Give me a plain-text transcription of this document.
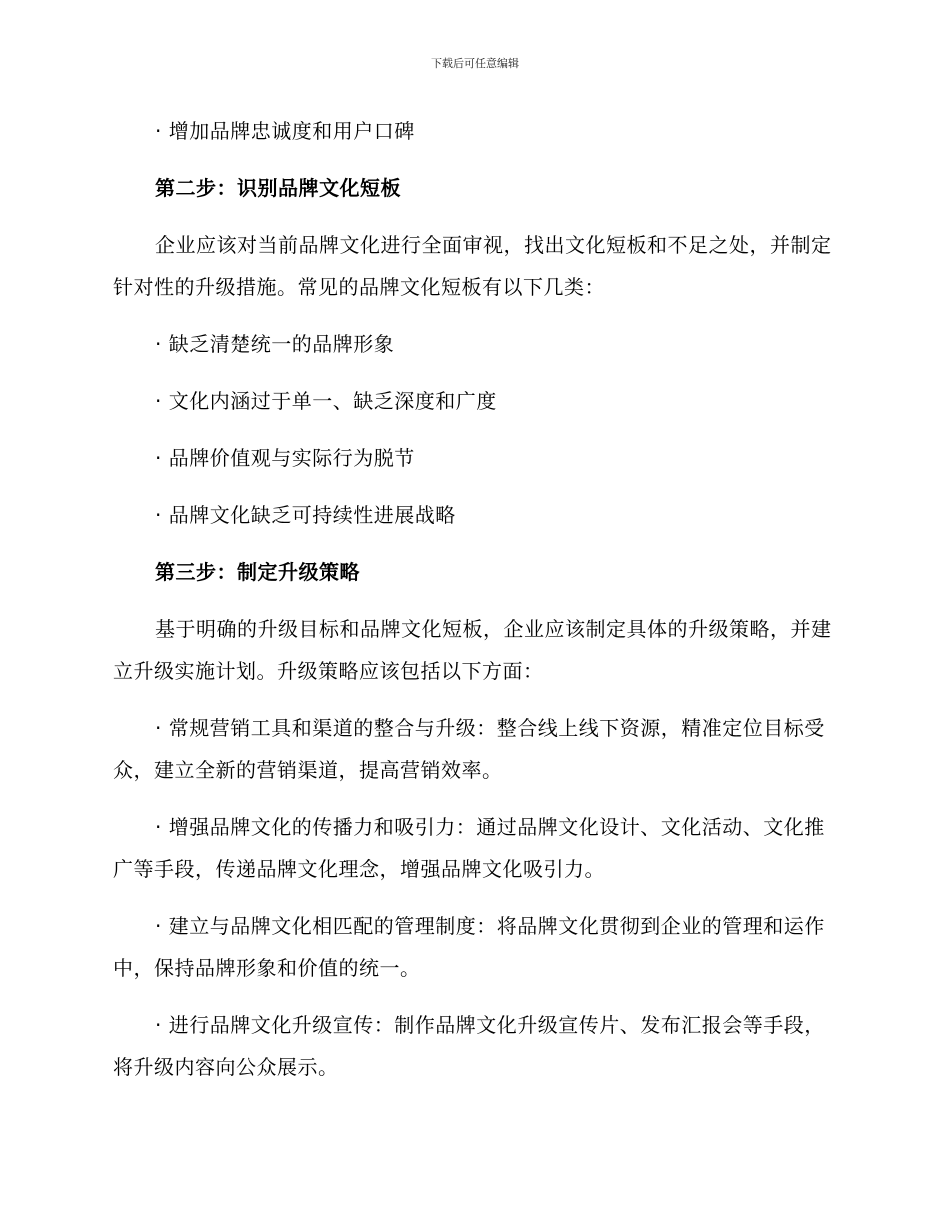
下载后可任意编辑

· 增加品牌忠诚度和用户口碑

第二步：识别品牌文化短板

企业应该对当前品牌文化进行全面审视，找出文化短板和不足之处，并制定针对性的升级措施。常见的品牌文化短板有以下几类：

· 缺乏清楚统一的品牌形象

· 文化内涵过于单一、缺乏深度和广度

· 品牌价值观与实际行为脱节

· 品牌文化缺乏可持续性进展战略

第三步：制定升级策略

基于明确的升级目标和品牌文化短板，企业应该制定具体的升级策略，并建立升级实施计划。升级策略应该包括以下方面：

· 常规营销工具和渠道的整合与升级：整合线上线下资源，精准定位目标受众，建立全新的营销渠道，提高营销效率。

· 增强品牌文化的传播力和吸引力：通过品牌文化设计、文化活动、文化推广等手段，传递品牌文化理念，增强品牌文化吸引力。

· 建立与品牌文化相匹配的管理制度：将品牌文化贯彻到企业的管理和运作中，保持品牌形象和价值的统一。

· 进行品牌文化升级宣传：制作品牌文化升级宣传片、发布汇报会等手段，将升级内容向公众展示。
